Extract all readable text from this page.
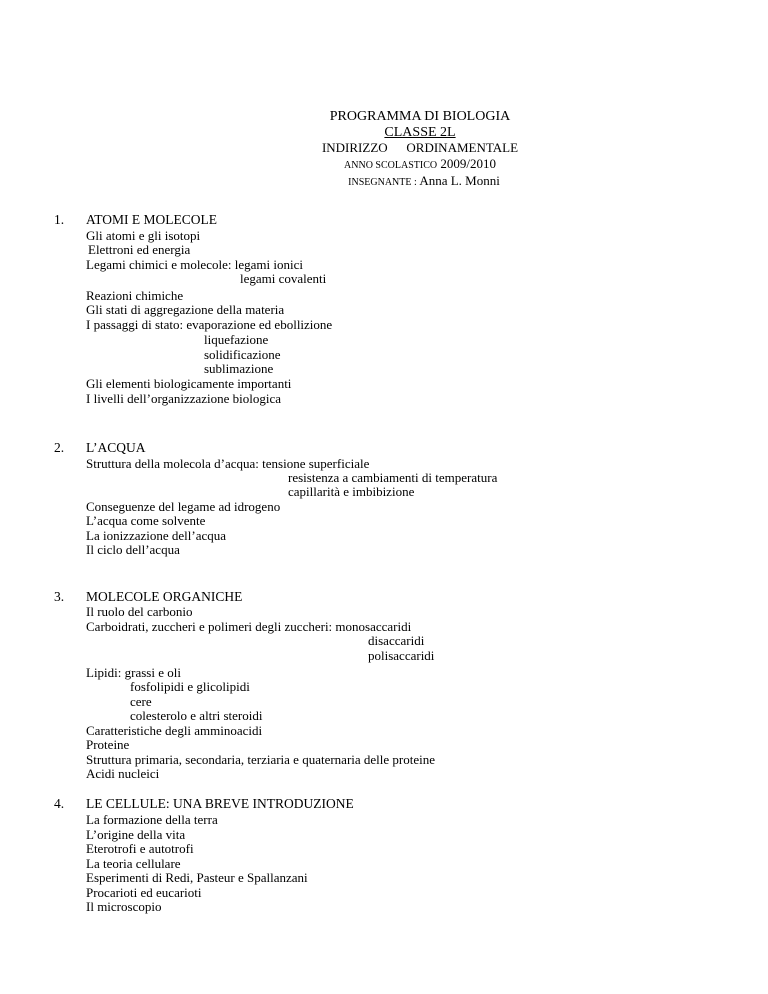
PROGRAMMA DI BIOLOGIA
CLASSE 2L
INDIRIZZO   ORDINAMENTALE
ANNO SCOLASTICO 2009/2010
INSEGNANTE : Anna L. Monni
1. ATOMI E MOLECOLE
Gli atomi e gli isotopi
Elettroni ed energia
Legami chimici e molecole: legami ionici
legami covalenti
Reazioni chimiche
Gli stati di aggregazione della materia
I passaggi di stato: evaporazione ed ebollizione
liquefazione
solidificazione
sublimazione
Gli elementi biologicamente importanti
I livelli dell’organizzazione biologica
2. L’ACQUA
Struttura della molecola d’acqua: tensione superficiale
resistenza a cambiamenti di temperatura
capillarità e imbibizione
Conseguenze del legame ad idrogeno
L’acqua come solvente
La ionizzazione dell’acqua
Il ciclo dell’acqua
3. MOLECOLE ORGANICHE
Il ruolo del carbonio
Carboidrati, zuccheri e polimeri degli zuccheri: monosaccaridi
disaccaridi
polisaccaridi
Lipidi: grassi e oli
fosfolipidi e glicolipidi
cere
colesterolo e altri steroidi
Caratteristiche degli amminoacidi
Proteine
Struttura primaria, secondaria, terziaria e quaternaria delle proteine
Acidi nucleici
4. LE CELLULE: UNA BREVE INTRODUZIONE
La formazione della terra
L’origine della vita
Eterotrofi e autotrofi
La teoria cellulare
Esperimenti di Redi, Pasteur e Spallanzani
Procarioti ed eucarioti
Il microscopio
